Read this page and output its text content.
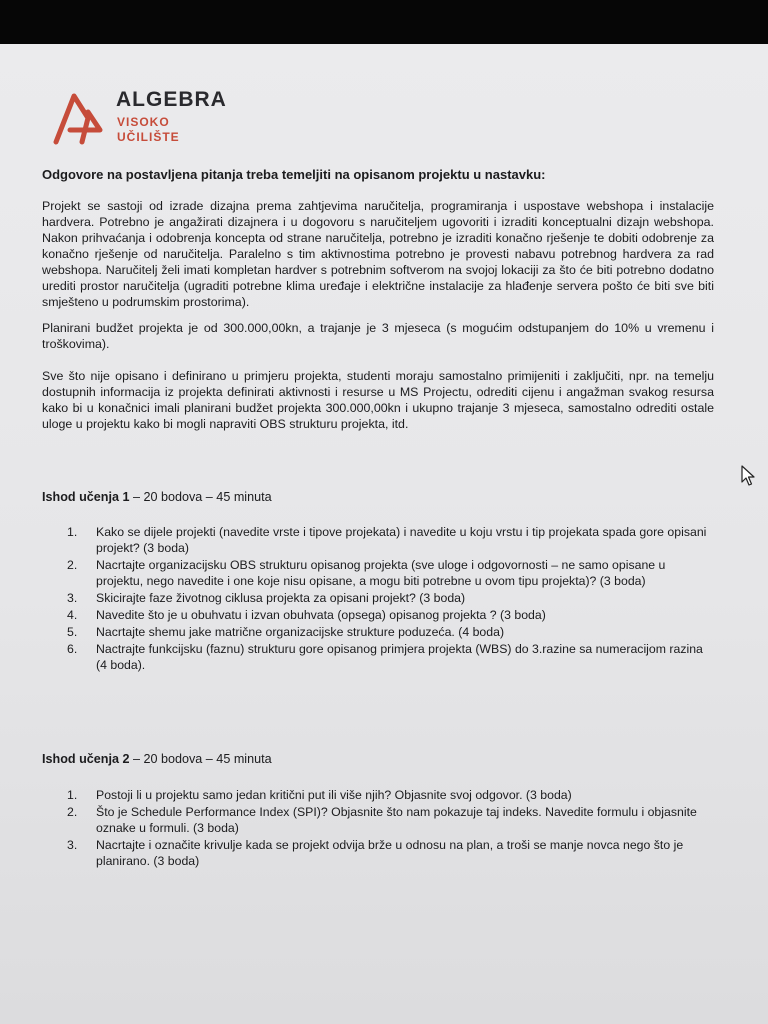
ALGEBRA
VISOKO
UČILIŠTE
Odgovore na postavljena pitanja treba temeljiti na opisanom projektu u nastavku:
Projekt se sastoji od izrade dizajna prema zahtjevima naručitelja, programiranja i uspostave webshopa i instalacije hardvera. Potrebno je angažirati dizajnera i u dogovoru s naručiteljem ugovoriti i izraditi konceptualni dizajn webshopa. Nakon prihvaćanja i odobrenja koncepta od strane naručitelja, potrebno je izraditi konačno rješenje te dobiti odobrenje za konačno rješenje od naručitelja. Paralelno s tim aktivnostima potrebno je provesti nabavu potrebnog hardvera za rad webshopa. Naručitelj želi imati kompletan hardver s potrebnim softverom na svojoj lokaciji za što će biti potrebno dodatno urediti prostor naručitelja (ugraditi potrebne klima uređaje i električne instalacije za hlađenje servera pošto će biti sve biti smješteno u podrumskim prostorima).
Planirani budžet projekta je od 300.000,00kn, a trajanje je 3 mjeseca (s mogućim odstupanjem do 10% u vremenu i troškovima).
Sve što nije opisano i definirano u primjeru projekta, studenti moraju samostalno primijeniti i zaključiti, npr. na temelju dostupnih informacija iz projekta definirati aktivnosti i resurse u MS Projectu, odrediti cijenu i angažman svakog resursa kako bi u konačnici imali planirani budžet projekta 300.000,00kn i ukupno trajanje 3 mjeseca, samostalno odrediti ostale uloge u projektu kako bi mogli napraviti OBS strukturu projekta, itd.
Ishod učenja 1 – 20 bodova – 45 minuta
1. Kako se dijele projekti (navedite vrste i tipove projekata) i navedite u koju vrstu i tip projekata spada gore opisani projekt? (3 boda)
2. Nacrtajte organizacijsku OBS strukturu opisanog projekta (sve uloge i odgovornosti – ne samo opisane u projektu, nego navedite i one koje nisu opisane, a mogu biti potrebne u ovom tipu projekta)? (3 boda)
3. Skicirajte faze životnog ciklusa projekta za opisani projekt? (3 boda)
4. Navedite što je u obuhvatu i izvan obuhvata (opsega) opisanog projekta ? (3 boda)
5. Nacrtajte shemu jake matrične organizacijske strukture poduzeća. (4 boda)
6. Nactrajte funkcijsku (faznu) strukturu gore opisanog primjera projekta (WBS) do 3.razine sa numeracijom razina (4 boda).
Ishod učenja 2 – 20 bodova – 45 minuta
1. Postoji li u projektu samo jedan kritični put ili više njih? Objasnite svoj odgovor. (3 boda)
2. Što je Schedule Performance Index (SPI)? Objasnite što nam pokazuje taj indeks. Navedite formulu i objasnite oznake u formuli. (3 boda)
3. Nacrtajte i označite krivulje kada se projekt odvija brže u odnosu na plan, a troši se manje novca nego što je planirano. (3 boda)
